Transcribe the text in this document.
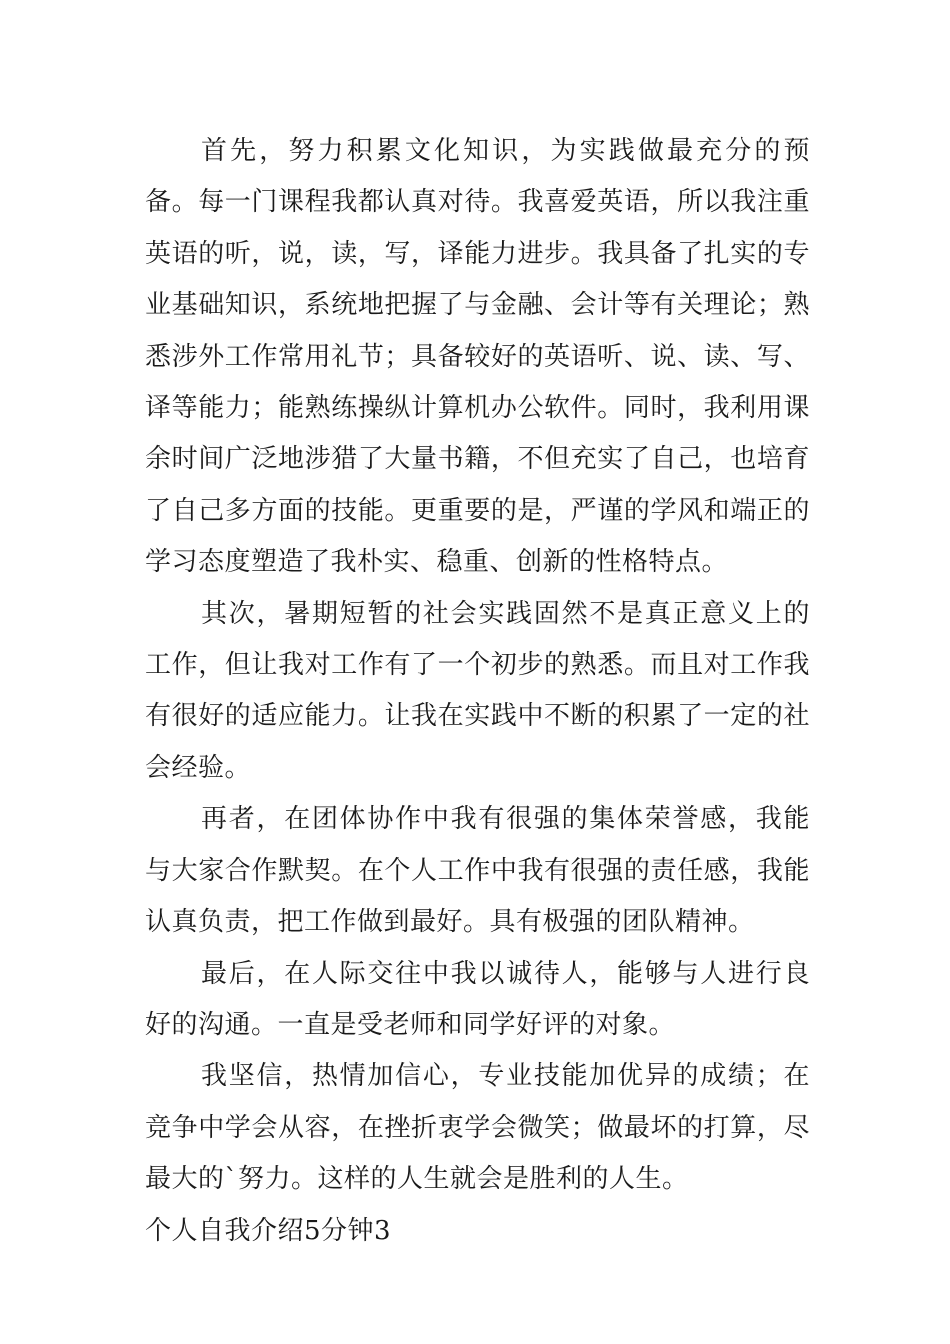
首先，努力积累文化知识，为实践做最充分的预备。每一门课程我都认真对待。我喜爱英语，所以我注重英语的听，说，读，写，译能力进步。我具备了扎实的专业基础知识，系统地把握了与金融、会计等有关理论；熟悉涉外工作常用礼节；具备较好的英语听、说、读、写、译等能力；能熟练操纵计算机办公软件。同时，我利用课余时间广泛地涉猎了大量书籍，不但充实了自己，也培育了自己多方面的技能。更重要的是，严谨的学风和端正的学习态度塑造了我朴实、稳重、创新的性格特点。

其次，暑期短暂的社会实践固然不是真正意义上的工作，但让我对工作有了一个初步的熟悉。而且对工作我有很好的适应能力。让我在实践中不断的积累了一定的社会经验。

再者，在团体协作中我有很强的集体荣誉感，我能与大家合作默契。在个人工作中我有很强的责任感，我能认真负责，把工作做到最好。具有极强的团队精神。

最后，在人际交往中我以诚待人，能够与人进行良好的沟通。一直是受老师和同学好评的对象。

我坚信，热情加信心，专业技能加优异的成绩；在竞争中学会从容，在挫折衷学会微笑；做最坏的打算，尽最大的`努力。这样的人生就会是胜利的人生。

个人自我介绍5分钟3
